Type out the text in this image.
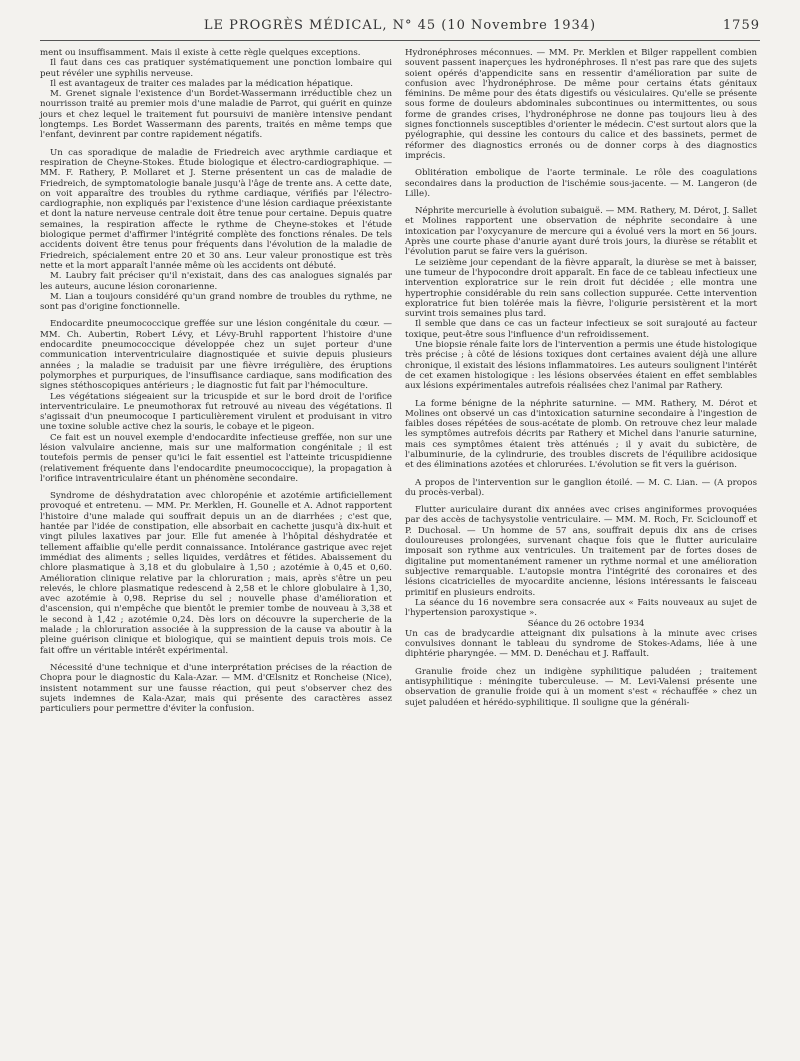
LE PROGRÈS MÉDICAL, N° 45 (10 Novembre 1934)	1759

ment ou insuffisamment. Mais il existe à cette règle quelques exceptions.

Il faut dans ces cas pratiquer systématiquement une ponction lombaire qui peut révéler une syphilis nerveuse.

Il est avantageux de traiter ces malades par la médication hépatique.

M. Grenet signale l'existence d'un Bordet-Wassermann irréductible chez un nourrisson traité au premier mois d'une maladie de Parrot, qui guérit en quinze jours et chez lequel le traitement fut poursuivi de manière intensive pendant longtemps. Les Bordet Wassermann des parents, traités en même temps que l'enfant, devinrent par contre rapidement négatifs.

Un cas sporadique de maladie de Friedreich avec arythmie cardiaque et respiration de Cheyne-Stokes. Étude biologique et électro-cardiographique. — MM. F. Rathery, P. Mollaret et J. Sterne présentent un cas de maladie de Friedreich, de symptomatologie banale jusqu'à l'âge de trente ans. A cette date, on voit apparaître des troubles du rythme cardiaque, vérifiés par l'électro-cardiographie, non expliqués par l'existence d'une lésion cardiaque préexistante et dont la nature nerveuse centrale doit être tenue pour certaine. Depuis quatre semaines, la respiration affecte le rythme de Cheyne-stokes et l'étude biologique permet d'affirmer l'intégrité complète des fonctions rénales. De tels accidents doivent être tenus pour fréquents dans l'évolution de la maladie de Friedreich, spécialement entre 20 et 30 ans. Leur valeur pronostique est très nette et la mort apparaît l'année même où les accidents ont débuté.

M. Laubry fait préciser qu'il n'existait, dans des cas analogues signalés par les auteurs, aucune lésion coronarienne.

M. Lian a toujours considéré qu'un grand nombre de troubles du rythme, ne sont pas d'origine fonctionnelle.

Endocardite pneumococcique greffée sur une lésion congénitale du cœur. — MM. Ch. Aubertin, Robert Lévy, et Lévy-Bruhl rapportent l'histoire d'une endocardite pneumococcique développée chez un sujet porteur d'une communication interventriculaire diagnostiquée et suivie depuis plusieurs années ; la maladie se traduisit par une fièvre irrégulière, des éruptions polymorphes et purpuriques, de l'insuffisance cardiaque, sans modification des signes stéthoscopiques antérieurs ; le diagnostic fut fait par l'hémoculture.

Les végétations siégeaient sur la tricuspide et sur le bord droit de l'orifice interventriculaire. Le pneumothorax fut retrouvé au niveau des végétations. Il s'agissait d'un pneumocoque I particulièrement virulent et produisant in vitro une toxine soluble active chez la souris, le cobaye et le pigeon.

Ce fait est un nouvel exemple d'endocardite infectieuse greffée, non sur une lésion valvulaire ancienne, mais sur une malformation congénitale ; il est toutefois permis de penser qu'ici le fait essentiel est l'atteinte tricuspidienne (relativement fréquente dans l'endocardite pneumococcique), la propagation à l'orifice intraventriculaire étant un phénomène secondaire.

Syndrome de déshydratation avec chloropénie et azotémie artificiellement provoqué et entretenu. — MM. Pr. Merklen, H. Gounelle et A. Adnot rapportent l'histoire d'une malade qui souffrait depuis un an de diarrhées ; c'est que, hantée par l'idée de constipation, elle absorbait en cachette jusqu'à dix-huit et vingt pilules laxatives par jour. Elle fut amenée à l'hôpital déshydratée et tellement affaiblie qu'elle perdit connaissance. Intolérance gastrique avec rejet immédiat des aliments ; selles liquides, verdâtres et fétides. Abaissement du chlore plasmatique à 3,18 et du globulaire à 1,50 ; azotémie à 0,45 et 0,60. Amélioration clinique relative par la chloruration ; mais, après s'être un peu relevés, le chlore plasmatique redescend à 2,58 et le chlore globulaire à 1,30, avec azotémie à 0,98. Reprise du sel ; nouvelle phase d'amélioration et d'ascension, qui n'empêche que bientôt le premier tombe de nouveau à 3,38 et le second à 1,42 ; azotémie 0,24. Dès lors on découvre la supercherie de la malade ; la chloruration associée à la suppression de la cause va aboutir à la pleine guérison clinique et biologique, qui se maintient depuis trois mois. Ce fait offre un véritable intérêt expérimental.

Nécessité d'une technique et d'une interprétation précises de la réaction de Chopra pour le diagnostic du Kala-Azar. — MM. d'Œlsnitz et Roncheise (Nice), insistent notamment sur une fausse réaction, qui peut s'observer chez des sujets indemnes de Kala-Azar, mais qui présente des caractères assez particuliers pour permettre d'éviter la confusion.

Hydronéphroses méconnues. — MM. Pr. Merklen et Bilger rappellent combien souvent passent inaperçues les hydronéphroses. Il n'est pas rare que des sujets soient opérés d'appendicite sans en ressentir d'amélioration par suite de confusion avec l'hydronéphrose. De même pour certains états génitaux féminins. De même pour des états digestifs ou vésiculaires. Qu'elle se présente sous forme de douleurs abdominales subcontinues ou intermittentes, ou sous forme de grandes crises, l'hydronéphrose ne donne pas toujours lieu à des signes fonctionnels susceptibles d'orienter le médecin. C'est surtout alors que la pyélographie, qui dessine les contours du calice et des bassinets, permet de réformer des diagnostics erronés ou de donner corps à des diagnostics imprécis.

Oblitération embolique de l'aorte terminale. Le rôle des coagulations secondaires dans la production de l'ischémie sous-jacente. — M. Langeron (de Lille).

Néphrite mercurielle à évolution subaiguë. — MM. Rathery, M. Dérot, J. Sallet et Molines rapportent une observation de néphrite secondaire à une intoxication par l'oxycyanure de mercure qui a évolué vers la mort en 56 jours. Après une courte phase d'anurie ayant duré trois jours, la diurèse se rétablit et l'évolution parut se faire vers la guérison.

Le seizième jour cependant de la fièvre apparaît, la diurèse se met à baisser, une tumeur de l'hypocondre droit apparaît. En face de ce tableau infectieux une intervention exploratrice sur le rein droit fut décidée ; elle montra une hypertrophie considérable du rein sans collection suppurée. Cette intervention exploratrice fut bien tolérée mais la fièvre, l'oligurie persistèrent et la mort survint trois semaines plus tard.

Il semble que dans ce cas un facteur infectieux se soit surajouté au facteur toxique, peut-être sous l'influence d'un refroidissement.

Une biopsie rénale faite lors de l'intervention a permis une étude histologique très précise ; à côté de lésions toxiques dont certaines avaient déjà une allure chronique, il existait des lésions inflammatoires. Les auteurs soulignent l'intérêt de cet examen histologique : les lésions observées étaient en effet semblables aux lésions expérimentales autrefois réalisées chez l'animal par Rathery.

La forme bénigne de la néphrite saturnine. — MM. Rathery, M. Dérot et Molines ont observé un cas d'intoxication saturnine secondaire à l'ingestion de faibles doses répétées de sous-acétate de plomb. On retrouve chez leur malade les symptômes autrefois décrits par Rathery et Michel dans l'anurie saturnine, mais ces symptômes étaient très atténués ; il y avait du subictère, de l'albuminurie, de la cylindrurie, des troubles discrets de l'équilibre acidosique et des éliminations azotées et chlorurées. L'évolution se fit vers la guérison.

A propos de l'intervention sur le ganglion étoilé. — M. C. Lian. — (A propos du procès-verbal).

Flutter auriculaire durant dix années avec crises anginiformes provoquées par des accès de tachysystolie ventriculaire. — MM. M. Roch, Fr. Sciclounoff et P. Duchosal. — Un homme de 57 ans, souffrait depuis dix ans de crises douloureuses prolongées, survenant chaque fois que le flutter auriculaire imposait son rythme aux ventricules. Un traitement par de fortes doses de digitaline put momentanément ramener un rythme normal et une amélioration subjective remarquable. L'autopsie montra l'intégrité des coronaires et des lésions cicatricielles de myocardite ancienne, lésions intéressants le faisceau primitif en plusieurs endroits.

La séance du 16 novembre sera consacrée aux « Faits nouveaux au sujet de l'hypertension paroxystique ».

Séance du 26 octobre 1934

Un cas de bradycardie atteignant dix pulsations à la minute avec crises convulsives donnant le tableau du syndrome de Stokes-Adams, liée à une diphtérie pharyngée. — MM. D. Denéchau et J. Raffault.

Granulie froide chez un indigène syphilitique paludéen ; traitement antisyphilitique : méningite tuberculeuse. — M. Levi-Valensi présente une observation de granulie froide qui à un moment s'est « réchauffée » chez un sujet paludéen et hérédo-syphilitique. Il souligne que la générali-
